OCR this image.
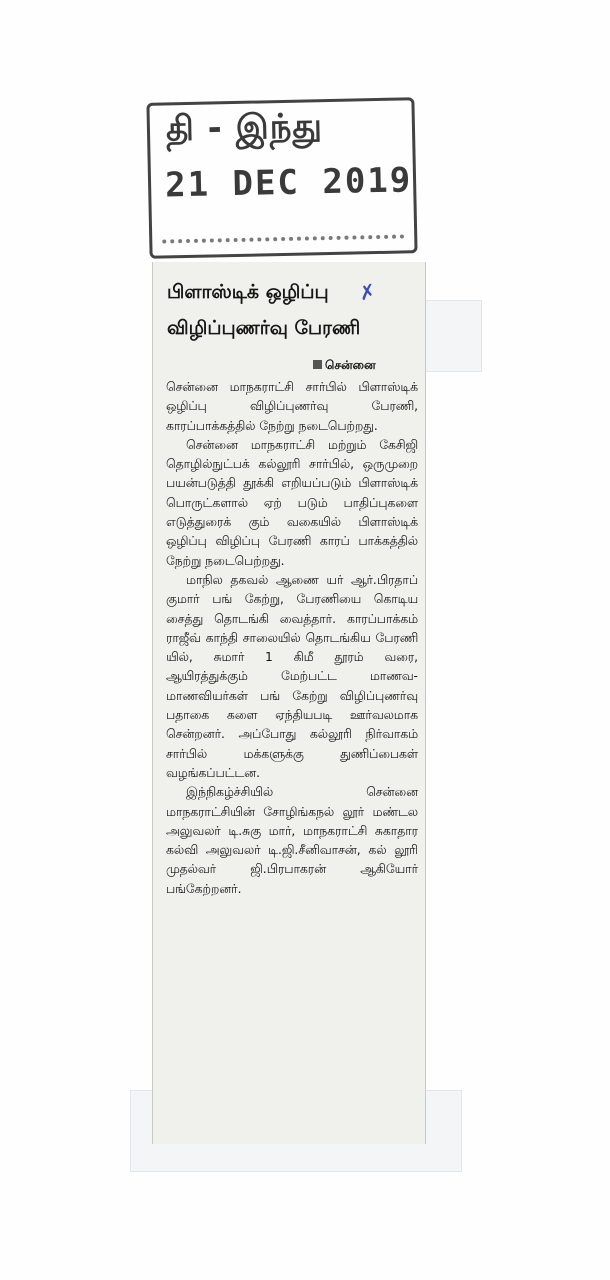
தி - இந்து
21 DEC 2019
பிளாஸ்டிக் ஒழிப்பு
விழிப்புணர்வு பேரணி
✗
சென்னை

சென்னை மாநகராட்சி சார்பில் பிளாஸ்டிக் ஒழிப்பு விழிப்புணர்வு பேரணி, காரப்பாக்கத்தில் நேற்று நடைபெற்றது.

சென்னை மாநகராட்சி மற்றும் கேசிஜி தொழில்நுட்பக் கல்லூரி சார்பில், ஒருமுறை பயன்படுத்தி தூக்கி எறியப்படும் பிளாஸ்டிக் பொருட்களால் ஏற் படும் பாதிப்புகளை எடுத்துரைக் கும் வகையில் பிளாஸ்டிக் ஒழிப்பு விழிப்பு பேரணி காரப் பாக்கத்தில் நேற்று நடைபெற்றது.

மாநில தகவல் ஆணை யர் ஆர்.பிரதாப் குமார் பங் கேற்று, பேரணியை கொடிய சைத்து தொடங்கி வைத்தார். காரப்பாக்கம் ராஜீவ் காந்தி சாலையில் தொடங்கிய பேரணி யில், சுமார் 1 கிமீ தூரம் வரை, ஆயிரத்துக்கும் மேற்பட்ட மாணவ-மாணவியர்கள் பங் கேற்று விழிப்புணர்வு பதாகை களை ஏந்தியபடி ஊர்வலமாக சென்றனர். அப்போது கல்லூரி நிர்வாகம் சார்பில் மக்களுக்கு துணிப்பைகள் வழங்கப்பட்டன.

இந்நிகழ்ச்சியில் சென்னை மாநகராட்சியின் சோழிங்கநல் லூர் மண்டல அலுவலர் டி.சுகு மார், மாநகராட்சி சுகாதார கல்வி அலுவலர் டி.ஜி.சீனிவாசன், கல் லூரி முதல்வர் ஜி.பிரபாகரன் ஆகியோர் பங்கேற்றனர்.
